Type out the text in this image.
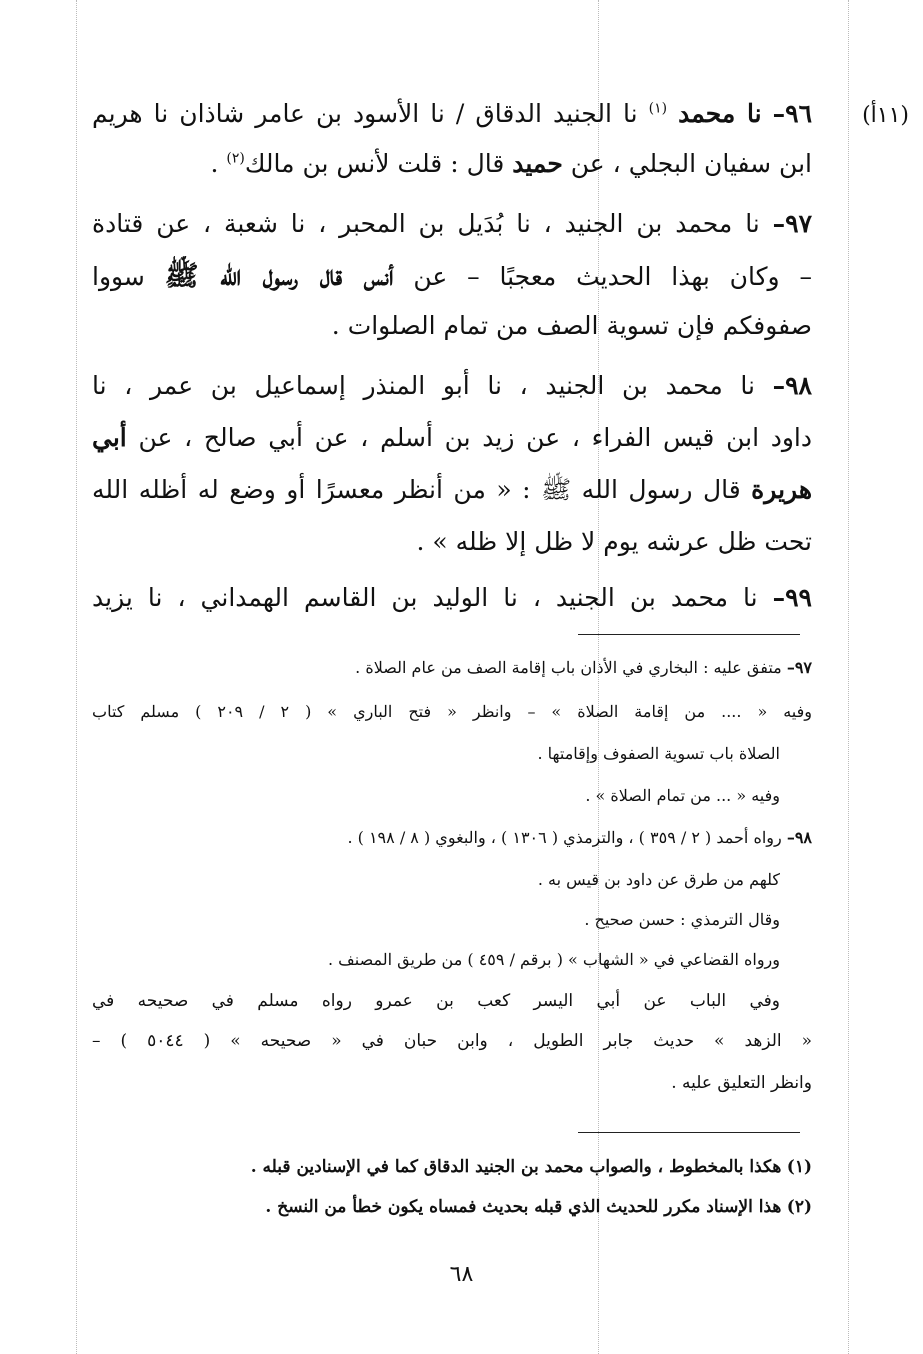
(١١أ)
٩٦– نا محمد $^{(١)}$ نا الجنيد الدقاق / نا الأسود بن عامر شاذان نا هريم
ابن سفيان البجلي ، عن حميد قال : قلت لأنس بن مالك$^{(٢)}$ .
٩٧– نا محمد بن الجنيد ، نا بُدَيل بن المحبر ، نا شعبة ، عن قتادة
– وكان بهذا الحديث معجبًا – عن أنس قال رسول الله ﷺ سووا
صفوفكم فإن تسوية الصف من تمام الصلوات .
٩٨– نا محمد بن الجنيد ، نا أبو المنذر إسماعيل بن عمر ، نا
داود ابن قيس الفراء ، عن زيد بن أسلم ، عن أبي صالح ، عن أبي
هريرة قال رسول الله ﷺ : « من أنظر معسرًا أو وضع له أظله الله
تحت ظل عرشه يوم لا ظل إلا ظله » .
٩٩– نا محمد بن الجنيد ، نا الوليد بن القاسم الهمداني ، نا يزيد
٩٧– متفق عليه : البخاري في الأذان باب إقامة الصف من عام الصلاة .
وفيه « .... من إقامة الصلاة » – وانظر « فتح الباري » ( ٢ / ٢٠٩ ) مسلم كتاب
الصلاة باب تسوية الصفوف وإقامتها .
وفيه « ... من تمام الصلاة » .
٩٨– رواه أحمد ( ٢ / ٣٥٩ ) ، والترمذي ( ١٣٠٦ ) ، والبغوي ( ٨ / ١٩٨ ) .
كلهم من طرق عن داود بن قيس به .
وقال الترمذي : حسن صحيح .
ورواه القضاعي في « الشهاب » ( برقم / ٤٥٩ ) من طريق المصنف .
وفي الباب عن أبي اليسر كعب بن عمرو رواه مسلم في صحيحه في
« الزهد » حديث جابر الطويل ، وابن حبان في « صحيحه » ( ٥٠٤٤ ) –
وانظر التعليق عليه .
(١) هكذا بالمخطوط ، والصواب محمد بن الجنيد الدقاق كما في الإسنادين قبله .
(٢) هذا الإسناد مكرر للحديث الذي قبله بحديث فمساه يكون خطأ من النسخ .
٦٨
